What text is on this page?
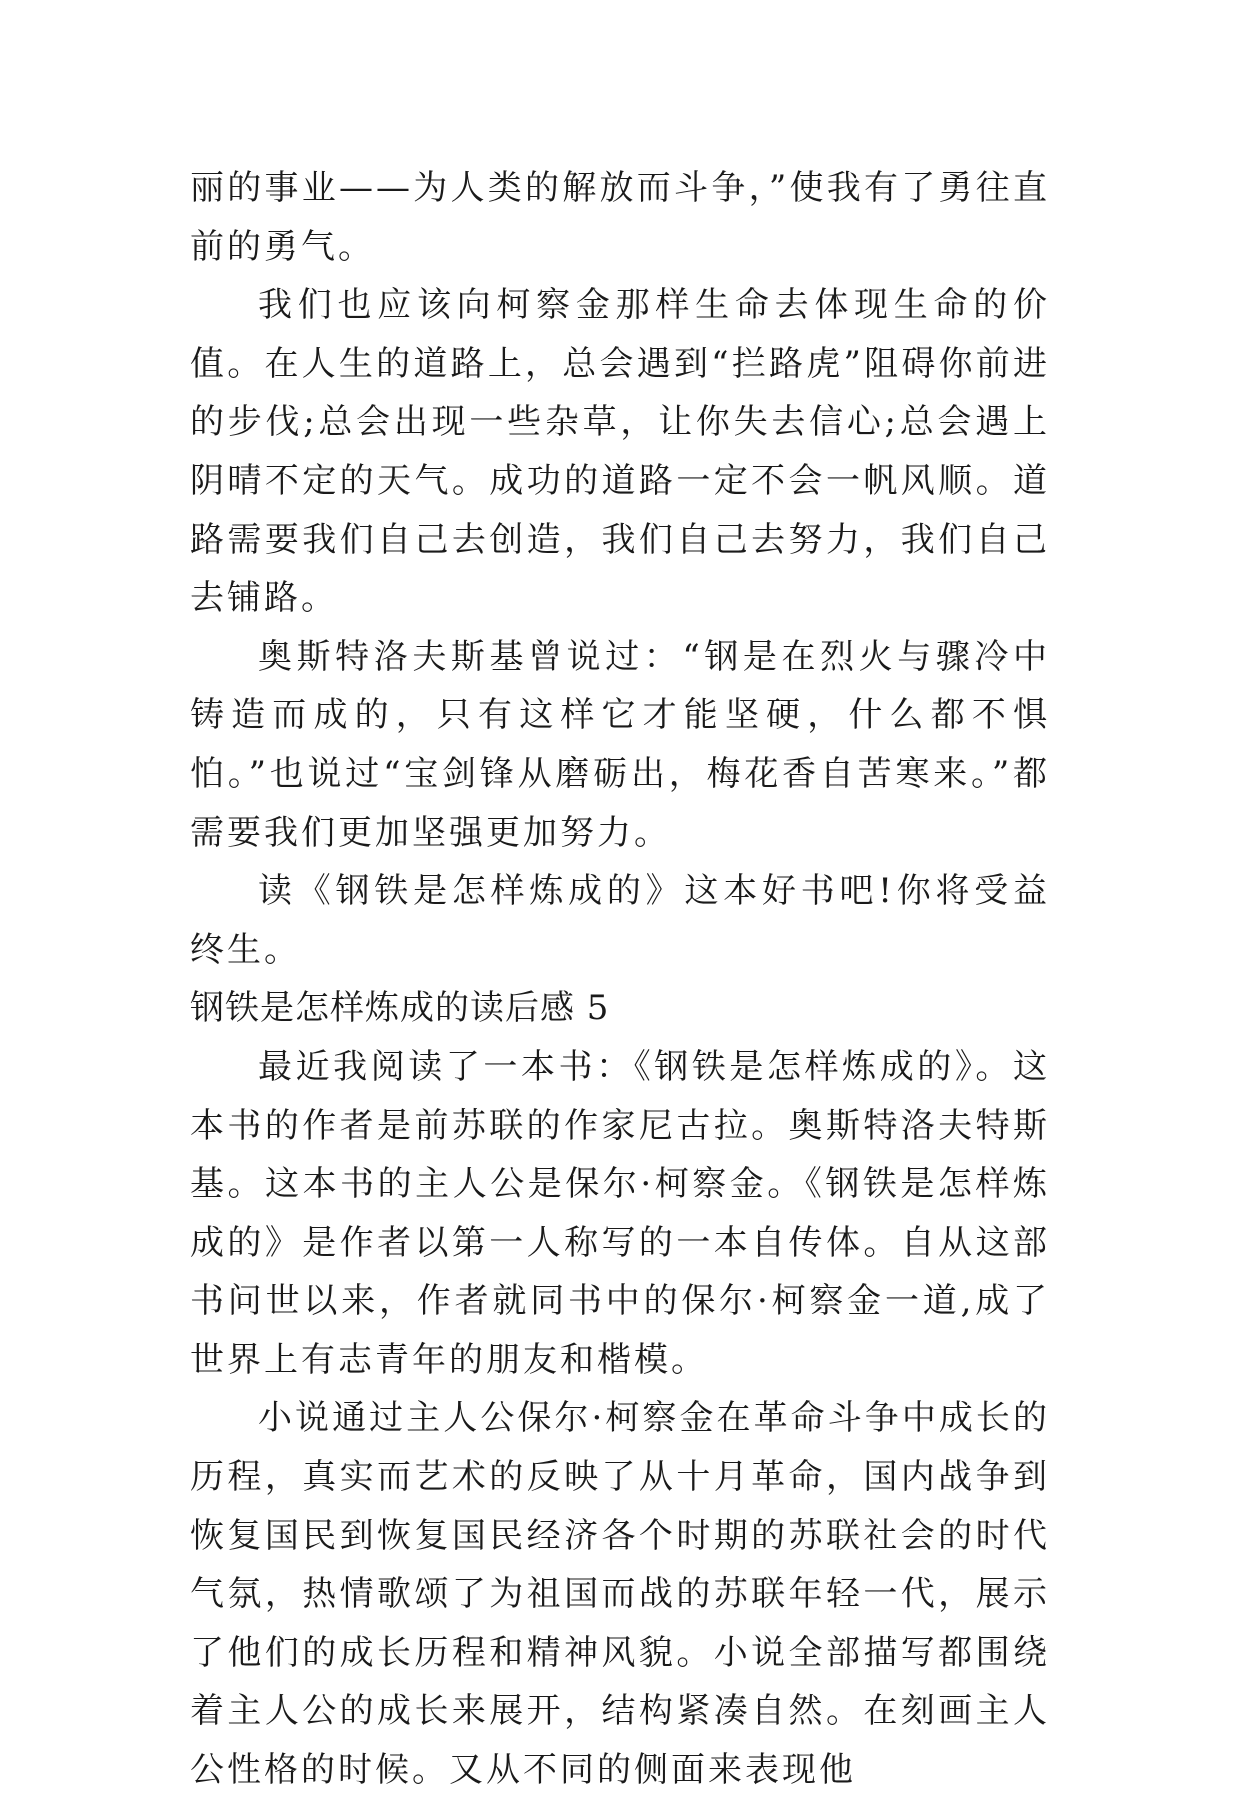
丽的事业——为人类的解放而斗争，”使我有了勇往直前的勇气。

我们也应该向柯察金那样生命去体现生命的价值。在人生的道路上，总会遇到“拦路虎”阻碍你前进的步伐;总会出现一些杂草，让你失去信心;总会遇上阴晴不定的天气。成功的道路一定不会一帆风顺。道路需要我们自己去创造，我们自己去努力，我们自己去铺路。

奥斯特洛夫斯基曾说过：“钢是在烈火与骤冷中铸造而成的，只有这样它才能坚硬，什么都不惧怕。”也说过“宝剑锋从磨砺出，梅花香自苦寒来。”都需要我们更加坚强更加努力。

读《钢铁是怎样炼成的》这本好书吧!你将受益终生。

钢铁是怎样炼成的读后感 5

最近我阅读了一本书：《钢铁是怎样炼成的》。这本书的作者是前苏联的作家尼古拉。奥斯特洛夫特斯基。这本书的主人公是保尔·柯察金。《钢铁是怎样炼成的》是作者以第一人称写的一本自传体。自从这部书问世以来，作者就同书中的保尔·柯察金一道,成了世界上有志青年的朋友和楷模。

小说通过主人公保尔·柯察金在革命斗争中成长的历程，真实而艺术的反映了从十月革命，国内战争到恢复国民到恢复国民经济各个时期的苏联社会的时代气氛，热情歌颂了为祖国而战的苏联年轻一代，展示了他们的成长历程和精神风貌。小说全部描写都围绕着主人公的成长来展开，结构紧凑自然。在刻画主人公性格的时候。又从不同的侧面来表现他
